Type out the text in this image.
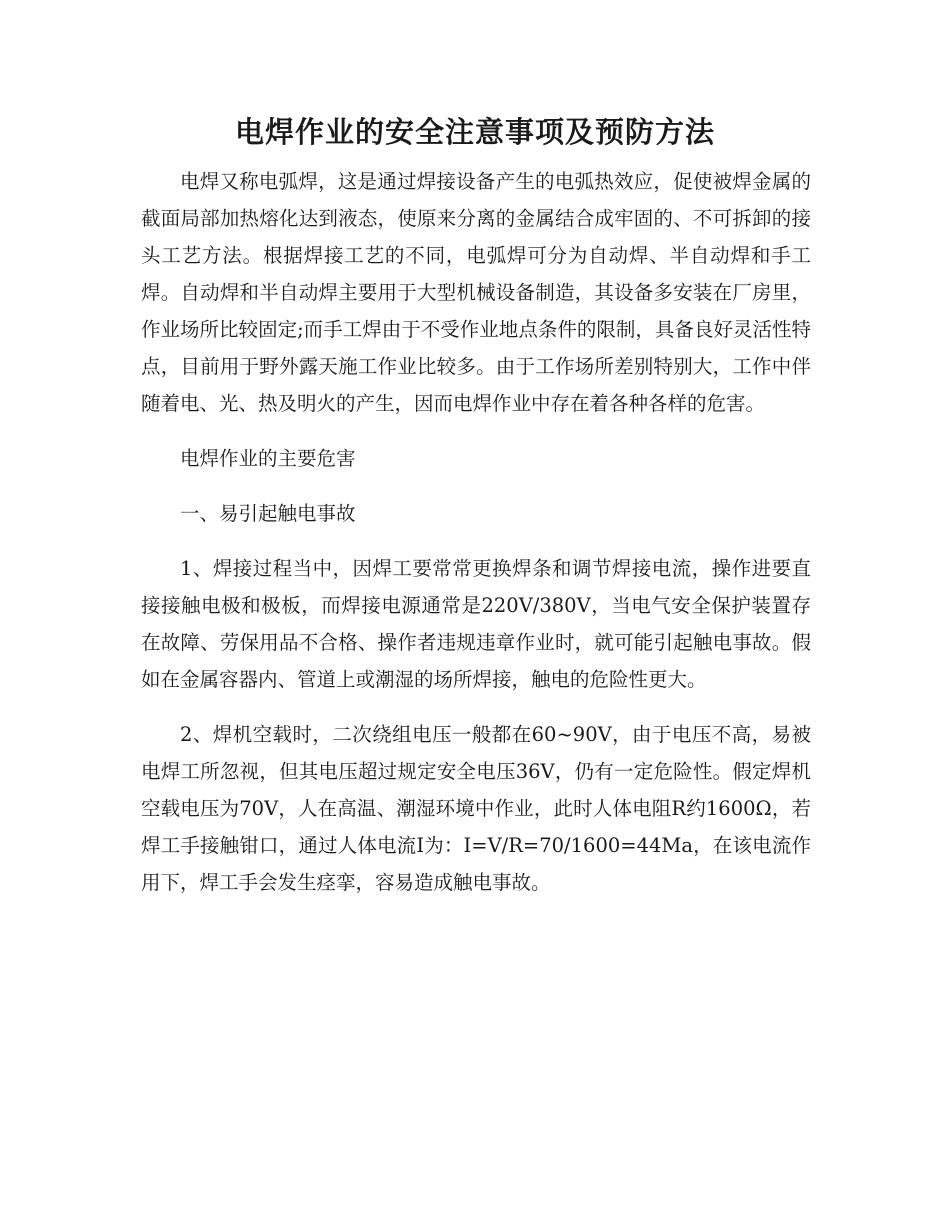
电焊作业的安全注意事项及预防方法

电焊又称电弧焊，这是通过焊接设备产生的电弧热效应，促使被焊金属的截面局部加热熔化达到液态，使原来分离的金属结合成牢固的、不可拆卸的接头工艺方法。根据焊接工艺的不同，电弧焊可分为自动焊、半自动焊和手工焊。自动焊和半自动焊主要用于大型机械设备制造，其设备多安装在厂房里，作业场所比较固定;而手工焊由于不受作业地点条件的限制，具备良好灵活性特点，目前用于野外露天施工作业比较多。由于工作场所差别特别大，工作中伴随着电、光、热及明火的产生，因而电焊作业中存在着各种各样的危害。

电焊作业的主要危害

一、易引起触电事故

1、焊接过程当中，因焊工要常常更换焊条和调节焊接电流，操作进要直接接触电极和极板，而焊接电源通常是220V/380V，当电气安全保护装置存在故障、劳保用品不合格、操作者违规违章作业时，就可能引起触电事故。假如在金属容器内、管道上或潮湿的场所焊接，触电的危险性更大。

2、焊机空载时，二次绕组电压一般都在60~90V，由于电压不高，易被电焊工所忽视，但其电压超过规定安全电压36V，仍有一定危险性。假定焊机空载电压为70V，人在高温、潮湿环境中作业，此时人体电阻R约1600Ω，若焊工手接触钳口，通过人体电流I为：I=V/R=70/1600=44Ma，在该电流作用下，焊工手会发生痉挛，容易造成触电事故。
